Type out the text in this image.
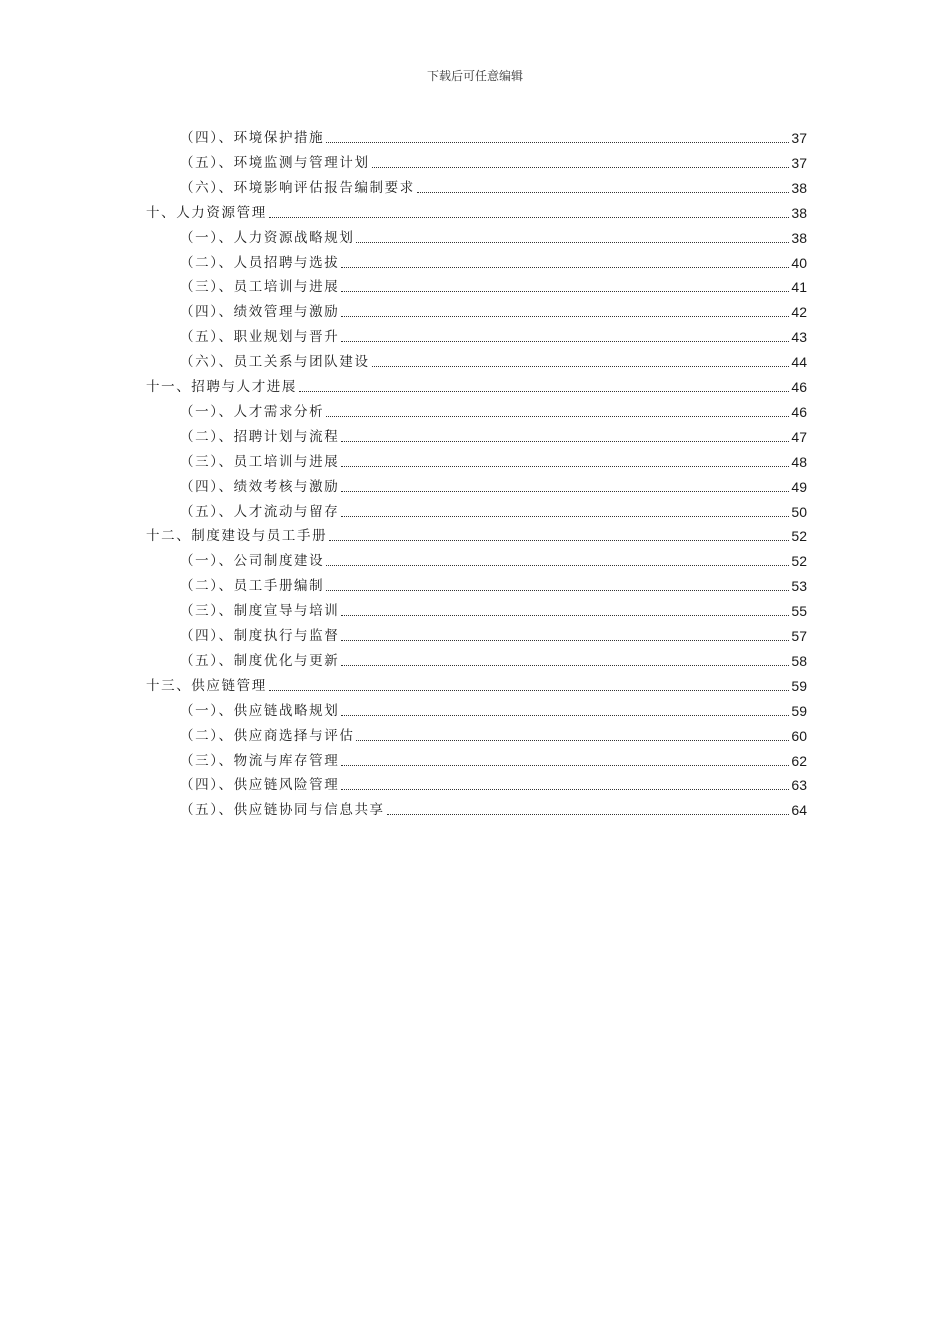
下载后可任意编辑
（四）、环境保护措施	37
（五）、环境监测与管理计划	37
（六）、环境影响评估报告编制要求	38
十、人力资源管理	38
（一）、人力资源战略规划	38
（二）、人员招聘与选拔	40
（三）、员工培训与进展	41
（四）、绩效管理与激励	42
（五）、职业规划与晋升	43
（六）、员工关系与团队建设	44
十一、招聘与人才进展	46
（一）、人才需求分析	46
（二）、招聘计划与流程	47
（三）、员工培训与进展	48
（四）、绩效考核与激励	49
（五）、人才流动与留存	50
十二、制度建设与员工手册	52
（一）、公司制度建设	52
（二）、员工手册编制	53
（三）、制度宣导与培训	55
（四）、制度执行与监督	57
（五）、制度优化与更新	58
十三、供应链管理	59
（一）、供应链战略规划	59
（二）、供应商选择与评估	60
（三）、物流与库存管理	62
（四）、供应链风险管理	63
（五）、供应链协同与信息共享	64
